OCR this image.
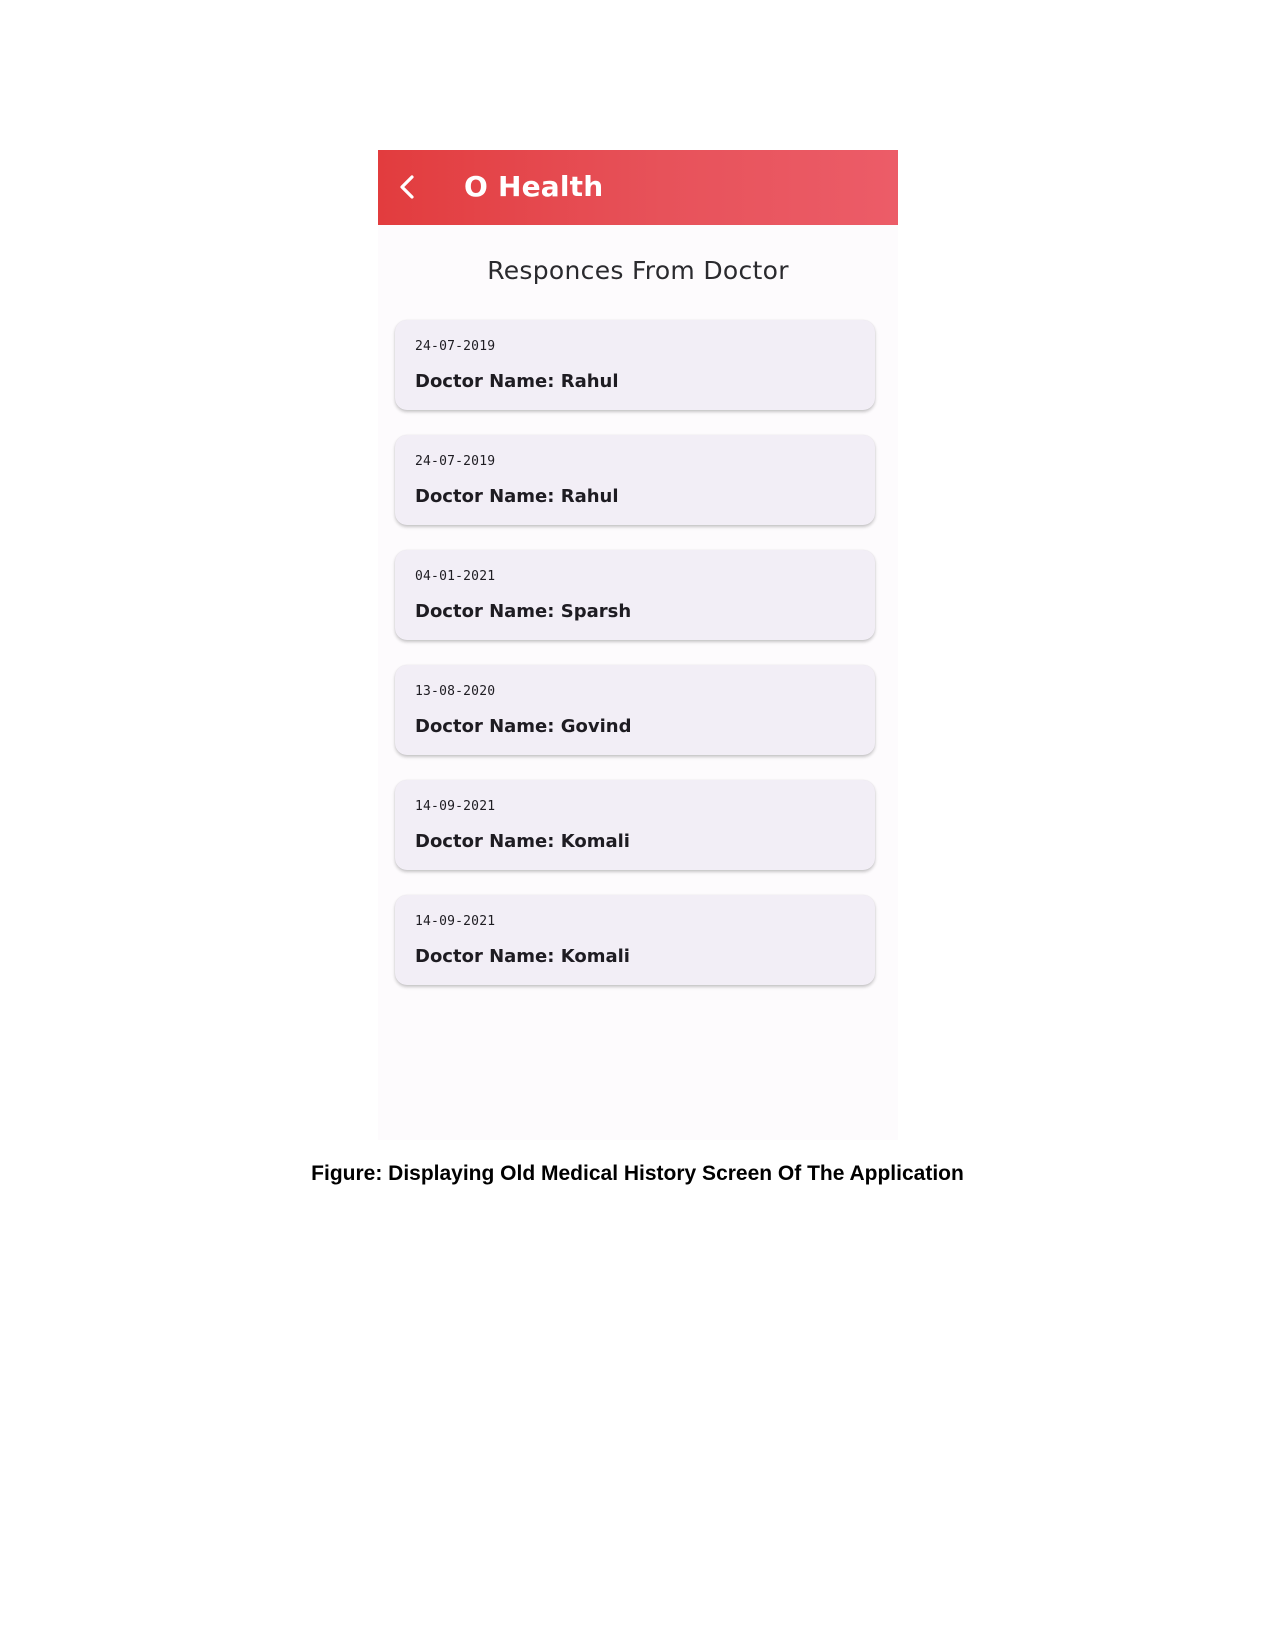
O Health
Responces From Doctor
24-07-2019
Doctor Name: Rahul
24-07-2019
Doctor Name: Rahul
04-01-2021
Doctor Name: Sparsh
13-08-2020
Doctor Name: Govind
14-09-2021
Doctor Name: Komali
14-09-2021
Doctor Name: Komali

Figure: Displaying Old Medical History Screen Of The Application
